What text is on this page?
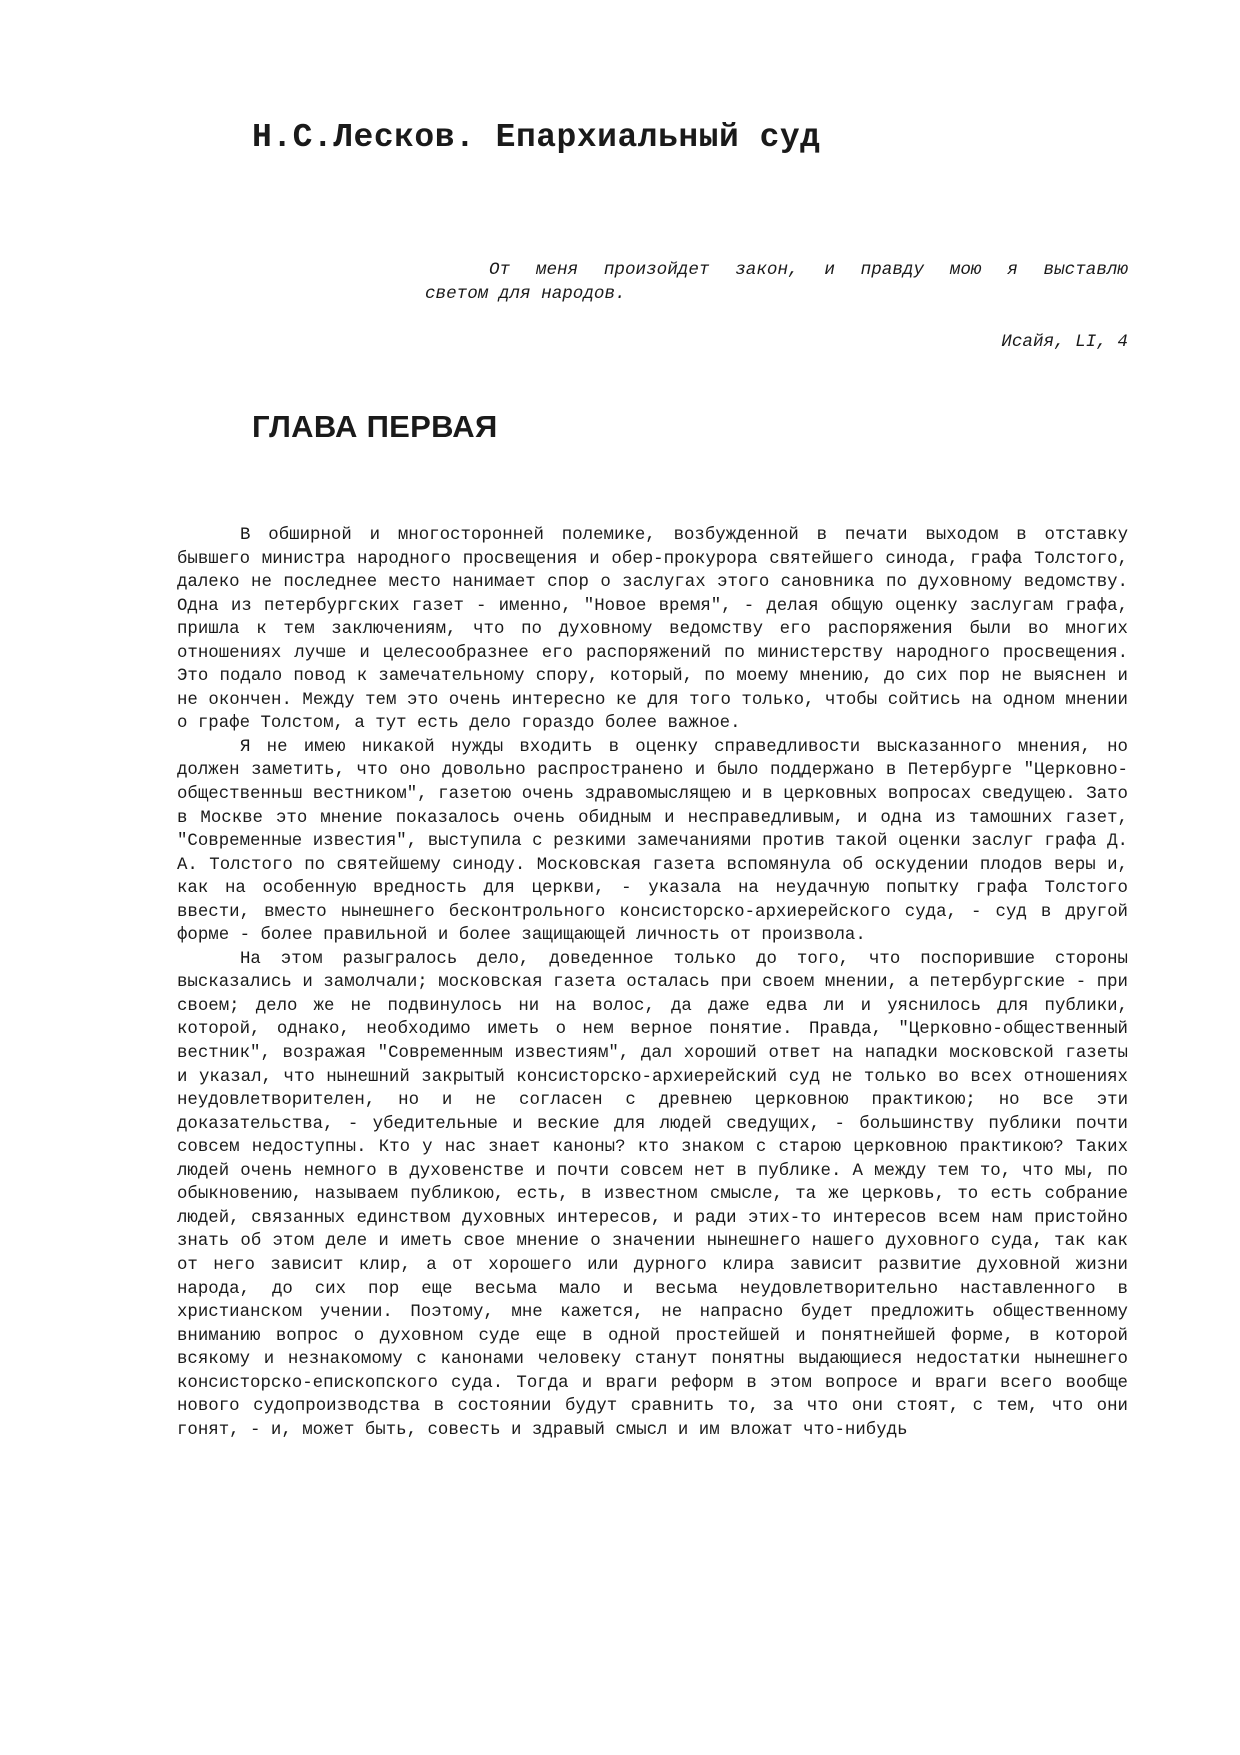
Н.С.Лесков. Епархиальный суд
От меня произойдет закон, и правду мою я выставлю
светом для народов.
Исайя, LI, 4
ГЛАВА ПЕРВАЯ

В обширной и многосторонней полемике, возбужденной в печати выходом в отставку бывшего министра народного просвещения и обер-прокурора святейшего синода, графа Толстого, далеко не последнее место нанимает спор о заслугах этого сановника по духовному ведомству. Одна из петербургских газет - именно, "Новое время", - делая общую оценку заслугам графа, пришла к тем заключениям, что по духовному ведомству его распоряжения были во многих отношениях лучше и целесообразнее его распоряжений по министерству народного просвещения. Это подало повод к замечательному спору, который, по моему мнению, до сих пор не выяснен и не окончен. Между тем это очень интересно ке для того только, чтобы сойтись на одном мнении о графе Толстом, а тут есть дело гораздо более важное.

Я не имею никакой нужды входить в оценку справедливости высказанного мнения, но должен заметить, что оно довольно распространено и было поддержано в Петербурге "Церковно-общественньш вестником", газетою очень здравомыслящею и в церковных вопросах сведущею. Зато в Москве это мнение показалось очень обидным и несправедливым, и одна из тамошних газет, "Современные известия", выступила с резкими замечаниями против такой оценки заслуг графа Д. А. Толстого по святейшему синоду. Московская газета вспомянула об оскудении плодов веры и, как на особенную вредность для церкви, - указала на неудачную попытку графа Толстого ввести, вместо нынешнего бесконтрольного консисторско-архиерейского суда, - суд в другой форме - более правильной и более защищающей личность от произвола.

На этом разыгралось дело, доведенное только до того, что поспорившие стороны высказались и замолчали; московская газета осталась при своем мнении, а петербургские - при своем; дело же не подвинулось ни на волос, да даже едва ли и уяснилось для публики, которой, однако, необходимо иметь о нем верное понятие. Правда, "Церковно-общественный вестник", возражая "Современным известиям", дал хороший ответ на нападки московской газеты и указал, что нынешний закрытый консисторско-архиерейский суд не только во всех отношениях неудовлетворителен, но и не согласен с древнею церковною практикою; но все эти доказательства, - убедительные и веские для людей сведущих, - большинству публики почти совсем недоступны. Кто у нас знает каноны? кто знаком с старою церковною практикою? Таких людей очень немного в духовенстве и почти совсем нет в публике. А между тем то, что мы, по обыкновению, называем публикою, есть, в известном смысле, та же церковь, то есть собрание людей, связанных единством духовных интересов, и ради этих-то интересов всем нам пристойно знать об этом деле и иметь свое мнение о значении нынешнего нашего духовного суда, так как от него зависит клир, а от хорошего или дурного клира зависит развитие духовной жизни народа, до сих пор еще весьма мало и весьма неудовлетворительно наставленного в христианском учении. Поэтому, мне кажется, не напрасно будет предложить общественному вниманию вопрос о духовном суде еще в одной простейшей и понятнейшей форме, в которой всякому и незнакомому с канонами человеку станут понятны выдающиеся недостатки нынешнего консисторско-епископского суда. Тогда и враги реформ в этом вопросе и враги всего вообще нового судопроизводства в состоянии будут сравнить то, за что они стоят, с тем, что они гонят, - и, может быть, совесть и здравый смысл и им вложат что-нибудь
